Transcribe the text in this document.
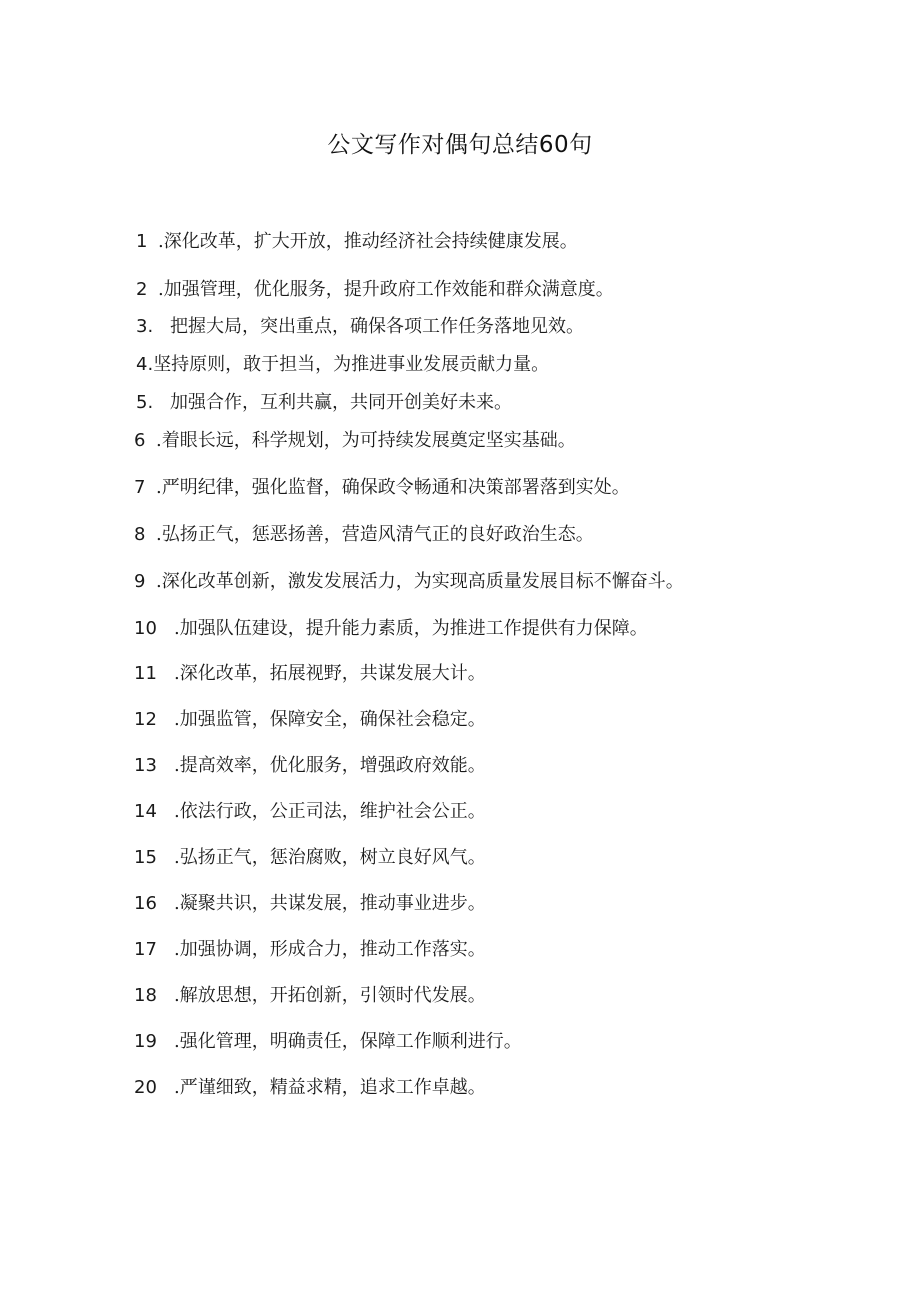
公文写作对偶句总结60句
1 .深化改革，扩大开放，推动经济社会持续健康发展。
2 .加强管理，优化服务，提升政府工作效能和群众满意度。
3. 把握大局，突出重点，确保各项工作任务落地见效。
4.坚持原则，敢于担当，为推进事业发展贡献力量。
5. 加强合作，互利共赢，共同开创美好未来。
6 .着眼长远，科学规划，为可持续发展奠定坚实基础。
7 .严明纪律，强化监督，确保政令畅通和决策部署落到实处。
8 .弘扬正气，惩恶扬善，营造风清气正的良好政治生态。
9 .深化改革创新，激发发展活力，为实现高质量发展目标不懈奋斗。
10 .加强队伍建设，提升能力素质，为推进工作提供有力保障。
11 .深化改革，拓展视野，共谋发展大计。
12 .加强监管，保障安全，确保社会稳定。
13 .提高效率，优化服务，增强政府效能。
14 .依法行政，公正司法，维护社会公正。
15 .弘扬正气，惩治腐败，树立良好风气。
16 .凝聚共识，共谋发展，推动事业进步。
17 .加强协调，形成合力，推动工作落实。
18 .解放思想，开拓创新，引领时代发展。
19 .强化管理，明确责任，保障工作顺利进行。
20 .严谨细致，精益求精，追求工作卓越。
